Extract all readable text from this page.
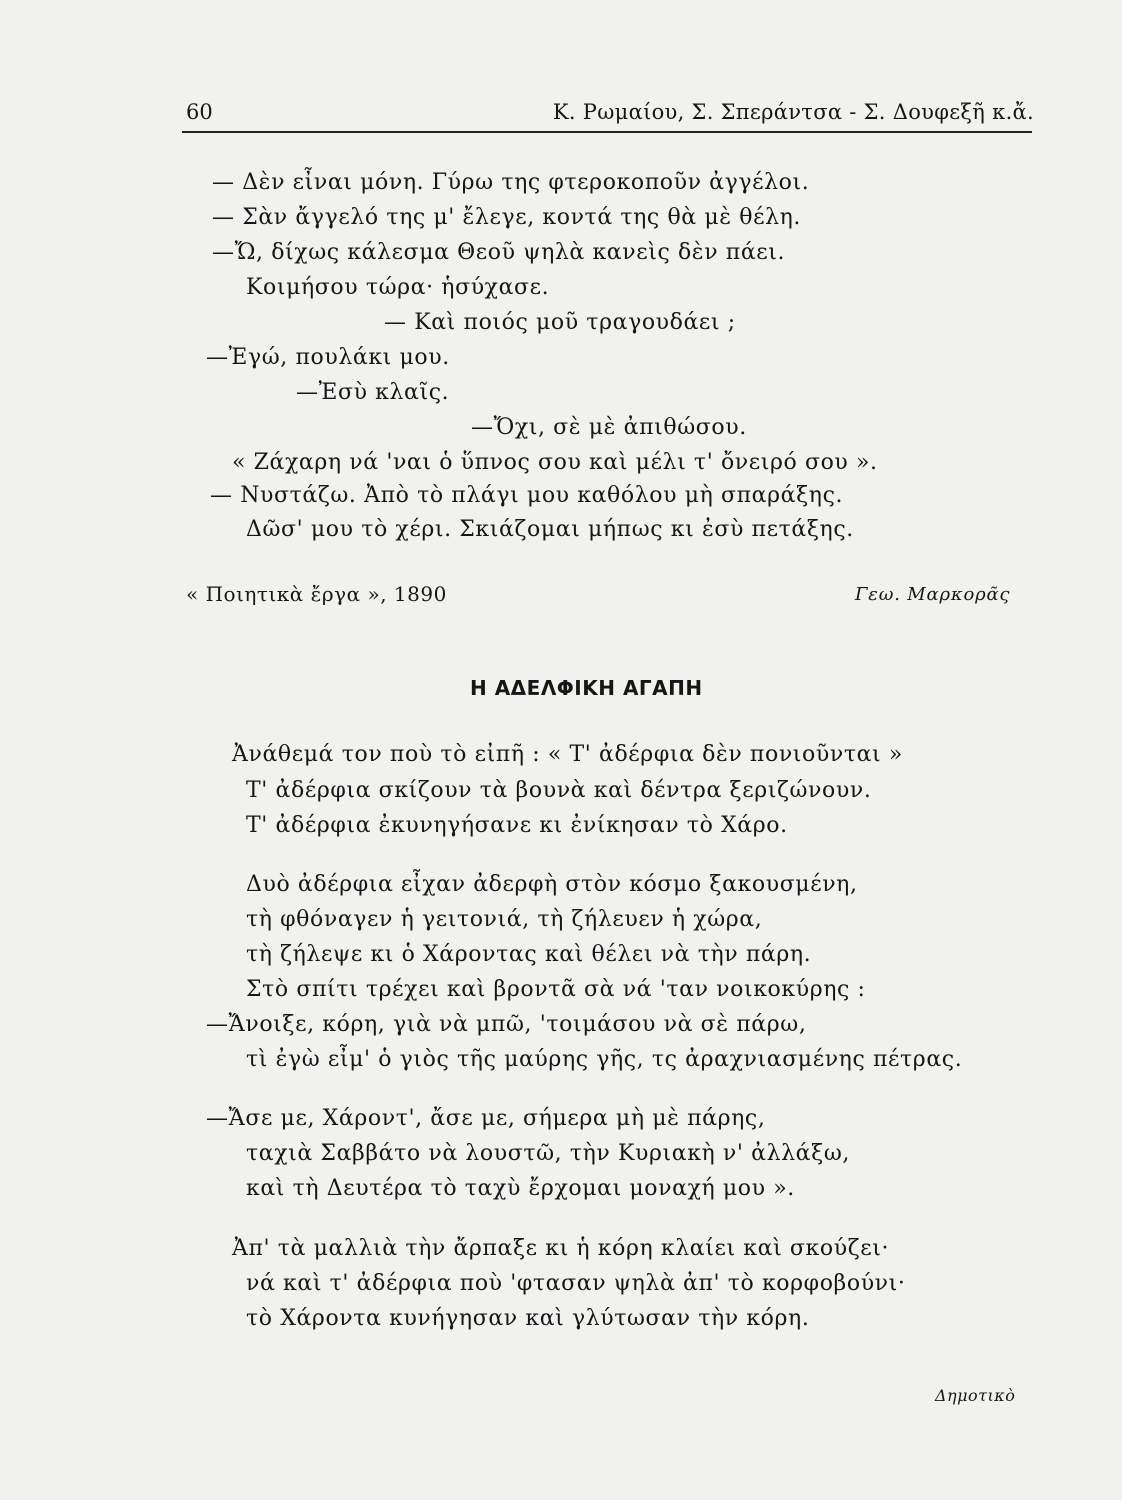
60	Κ. Ρωμαίου, Σ. Σπεράντσα - Σ. Δουφεξῆ κ.ἄ.
— Δὲν εἶναι μόνη. Γύρω της φτεροκοποῦν ἀγγέλοι.
— Σὰν ἄγγελό της μ' ἔλεγε, κοντά της θὰ μὲ θέλη.
—Ὤ, δίχως κάλεσμα Θεοῦ ψηλὰ κανεὶς δὲν πάει.
Κοιμήσου τώρα· ἡσύχασε.
— Καὶ ποιός μοῦ τραγουδάει ;
—Ἐγώ, πουλάκι μου.
—Ἐσὺ κλαῖς.
—Ὄχι, σὲ μὲ ἀπιθώσου.
« Ζάχαρη νά 'ναι ὁ ὕπνος σου καὶ μέλι τ' ὄνειρό σου ».
— Νυστάζω. Ἀπὸ τὸ πλάγι μου καθόλου μὴ σπαράξης.
Δῶσ' μου τὸ χέρι. Σκιάζομαι μήπως κι ἐσὺ πετάξης.
« Ποιητικὰ ἔργα », 1890	Γεω. Μαρκορᾶς
Η ΑΔΕΛΦΙΚΗ ΑΓΑΠΗ
Ἀνάθεμά τον ποὺ τὸ εἰπῆ : « Τ' ἀδέρφια δὲν πονιοῦνται »
Τ' ἀδέρφια σκίζουν τὰ βουνὰ καὶ δέντρα ξεριζώνουν.
Τ' ἀδέρφια ἐκυνηγήσανε κι ἐνίκησαν τὸ Χάρο.
Δυὸ ἀδέρφια εἶχαν ἀδερφὴ στὸν κόσμο ξακουσμένη,
τὴ φθόναγεν ἡ γειτονιά, τὴ ζήλευεν ἡ χώρα,
τὴ ζήλεψε κι ὁ Χάροντας καὶ θέλει νὰ τὴν πάρη.
Στὸ σπίτι τρέχει καὶ βροντᾶ σὰ νά 'ταν νοικοκύρης :
—Ἄνοιξε, κόρη, γιὰ νὰ μπῶ, 'τοιμάσου νὰ σὲ πάρω,
τὶ ἐγὼ εἶμ' ὁ γιὸς τῆς μαύρης γῆς, τς ἀραχνιασμένης πέτρας.
—Ἄσε με, Χάροντ', ἄσε με, σήμερα μὴ μὲ πάρης,
ταχιὰ Σαββάτο νὰ λουστῶ, τὴν Κυριακὴ ν' ἀλλάξω,
καὶ τὴ Δευτέρα τὸ ταχὺ ἔρχομαι μοναχή μου ».
Ἀπ' τὰ μαλλιὰ τὴν ἄρπαξε κι ἡ κόρη κλαίει καὶ σκούζει·
νά καὶ τ' ἀδέρφια ποὺ 'φτασαν ψηλὰ ἀπ' τὸ κορφοβούνι·
τὸ Χάροντα κυνήγησαν καὶ γλύτωσαν τὴν κόρη.
Δημοτικὸ
